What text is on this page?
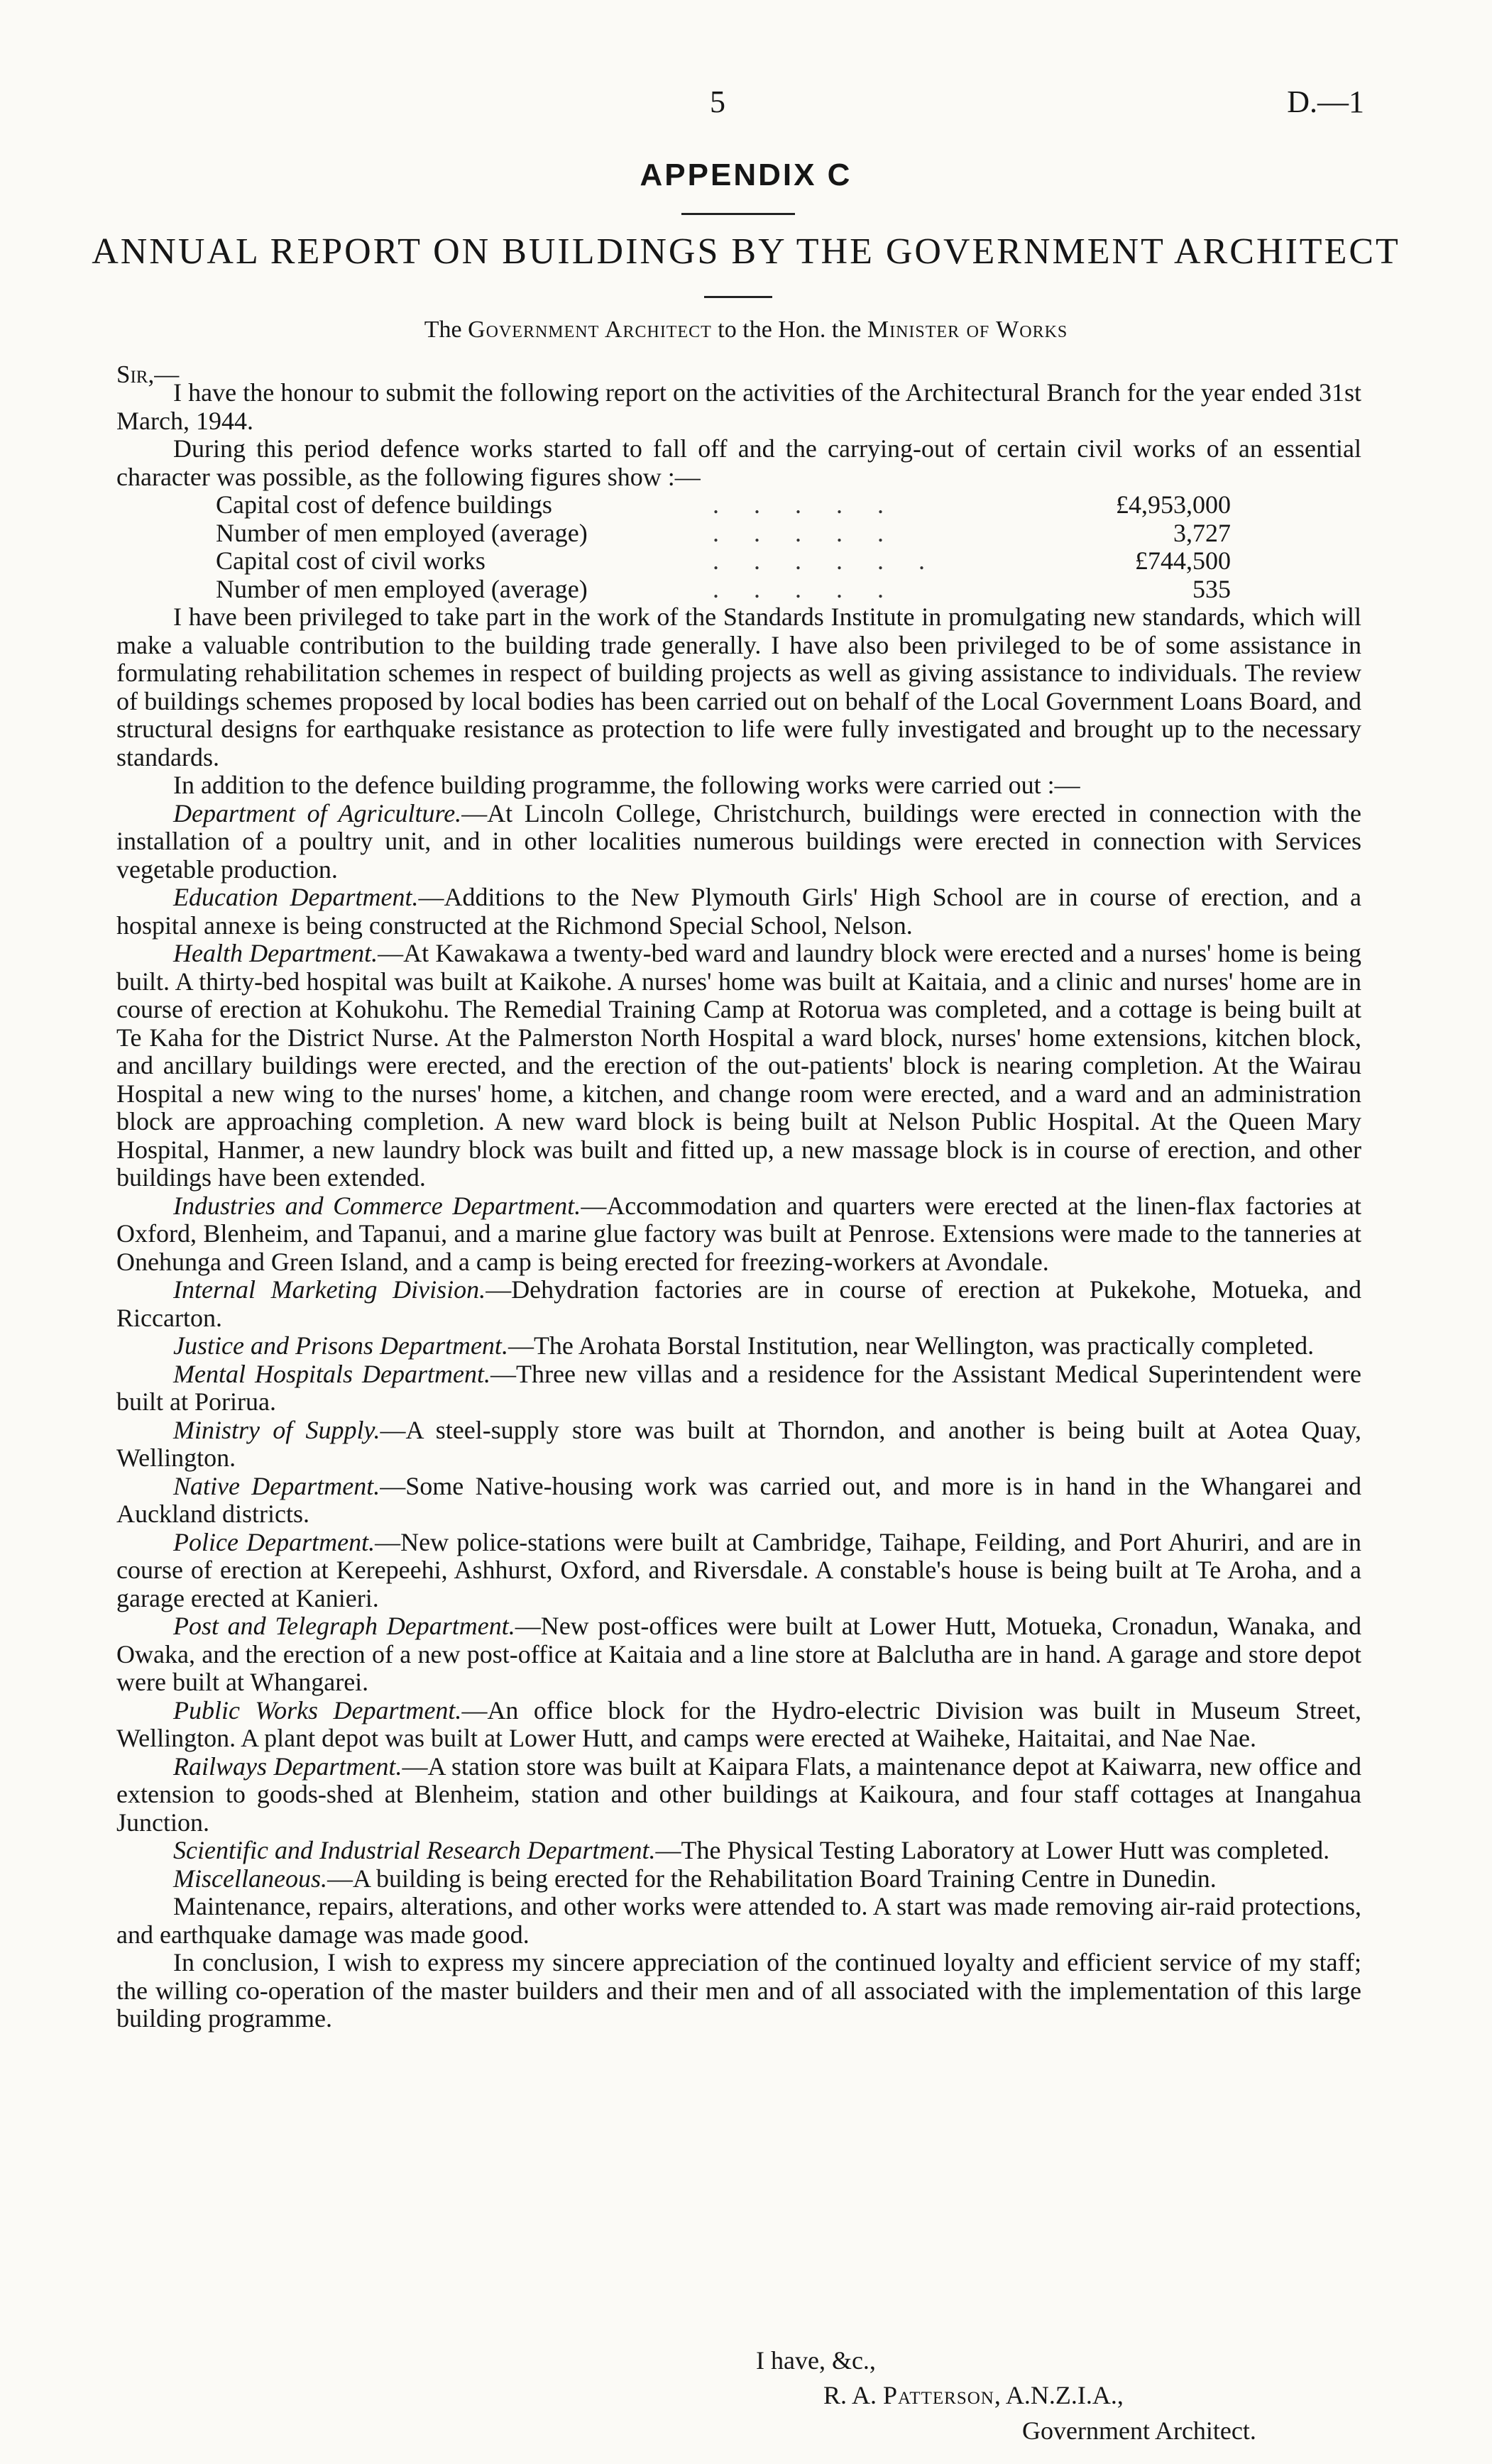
5	D.—1
APPENDIX C
ANNUAL REPORT ON BUILDINGS BY THE GOVERNMENT ARCHITECT
The Government Architect to the Hon. the Minister of Works
Sir,—

I have the honour to submit the following report on the activities of the Architectural Branch for the year ended 31st March, 1944.

During this period defence works started to fall off and the carrying-out of certain civil works of an essential character was possible, as the following figures show :—

Capital cost of defence buildings	. . . . .	£4,953,000
Number of men employed (average)	. . . . .	3,727
Capital cost of civil works	. . . . . .	£744,500
Number of men employed (average)	. . . . .	535

I have been privileged to take part in the work of the Standards Institute in promulgating new standards, which will make a valuable contribution to the building trade generally. I have also been privileged to be of some assistance in formulating rehabilitation schemes in respect of building projects as well as giving assistance to individuals. The review of buildings schemes proposed by local bodies has been carried out on behalf of the Local Government Loans Board, and structural designs for earthquake resistance as protection to life were fully investigated and brought up to the necessary standards.

In addition to the defence building programme, the following works were carried out :—

Department of Agriculture.—At Lincoln College, Christchurch, buildings were erected in connection with the installation of a poultry unit, and in other localities numerous buildings were erected in connection with Services vegetable production.

Education Department.—Additions to the New Plymouth Girls' High School are in course of erection, and a hospital annexe is being constructed at the Richmond Special School, Nelson.

Health Department.—At Kawakawa a twenty-bed ward and laundry block were erected and a nurses' home is being built. A thirty-bed hospital was built at Kaikohe. A nurses' home was built at Kaitaia, and a clinic and nurses' home are in course of erection at Kohukohu. The Remedial Training Camp at Rotorua was completed, and a cottage is being built at Te Kaha for the District Nurse. At the Palmerston North Hospital a ward block, nurses' home extensions, kitchen block, and ancillary buildings were erected, and the erection of the out-patients' block is nearing completion. At the Wairau Hospital a new wing to the nurses' home, a kitchen, and change room were erected, and a ward and an administration block are approaching completion. A new ward block is being built at Nelson Public Hospital. At the Queen Mary Hospital, Hanmer, a new laundry block was built and fitted up, a new massage block is in course of erection, and other buildings have been extended.

Industries and Commerce Department.—Accommodation and quarters were erected at the linen-flax factories at Oxford, Blenheim, and Tapanui, and a marine glue factory was built at Penrose. Extensions were made to the tanneries at Onehunga and Green Island, and a camp is being erected for freezing-workers at Avondale.

Internal Marketing Division.—Dehydration factories are in course of erection at Pukekohe, Motueka, and Riccarton.

Justice and Prisons Department.—The Arohata Borstal Institution, near Wellington, was practically completed.

Mental Hospitals Department.—Three new villas and a residence for the Assistant Medical Superintendent were built at Porirua.

Ministry of Supply.—A steel-supply store was built at Thorndon, and another is being built at Aotea Quay, Wellington.

Native Department.—Some Native-housing work was carried out, and more is in hand in the Whangarei and Auckland districts.

Police Department.—New police-stations were built at Cambridge, Taihape, Feilding, and Port Ahuriri, and are in course of erection at Kerepeehi, Ashhurst, Oxford, and Riversdale. A constable's house is being built at Te Aroha, and a garage erected at Kanieri.

Post and Telegraph Department.—New post-offices were built at Lower Hutt, Motueka, Cronadun, Wanaka, and Owaka, and the erection of a new post-office at Kaitaia and a line store at Balclutha are in hand. A garage and store depot were built at Whangarei.

Public Works Department.—An office block for the Hydro-electric Division was built in Museum Street, Wellington. A plant depot was built at Lower Hutt, and camps were erected at Waiheke, Haitaitai, and Nae Nae.

Railways Department.—A station store was built at Kaipara Flats, a maintenance depot at Kaiwarra, new office and extension to goods-shed at Blenheim, station and other buildings at Kaikoura, and four staff cottages at Inangahua Junction.

Scientific and Industrial Research Department.—The Physical Testing Laboratory at Lower Hutt was completed.

Miscellaneous.—A building is being erected for the Rehabilitation Board Training Centre in Dunedin.

Maintenance, repairs, alterations, and other works were attended to. A start was made removing air-raid protections, and earthquake damage was made good.

In conclusion, I wish to express my sincere appreciation of the continued loyalty and efficient service of my staff; the willing co-operation of the master builders and their men and of all associated with the implementation of this large building programme.

I have, &c.,
R. A. Patterson, A.N.Z.I.A.,
Government Architect.
